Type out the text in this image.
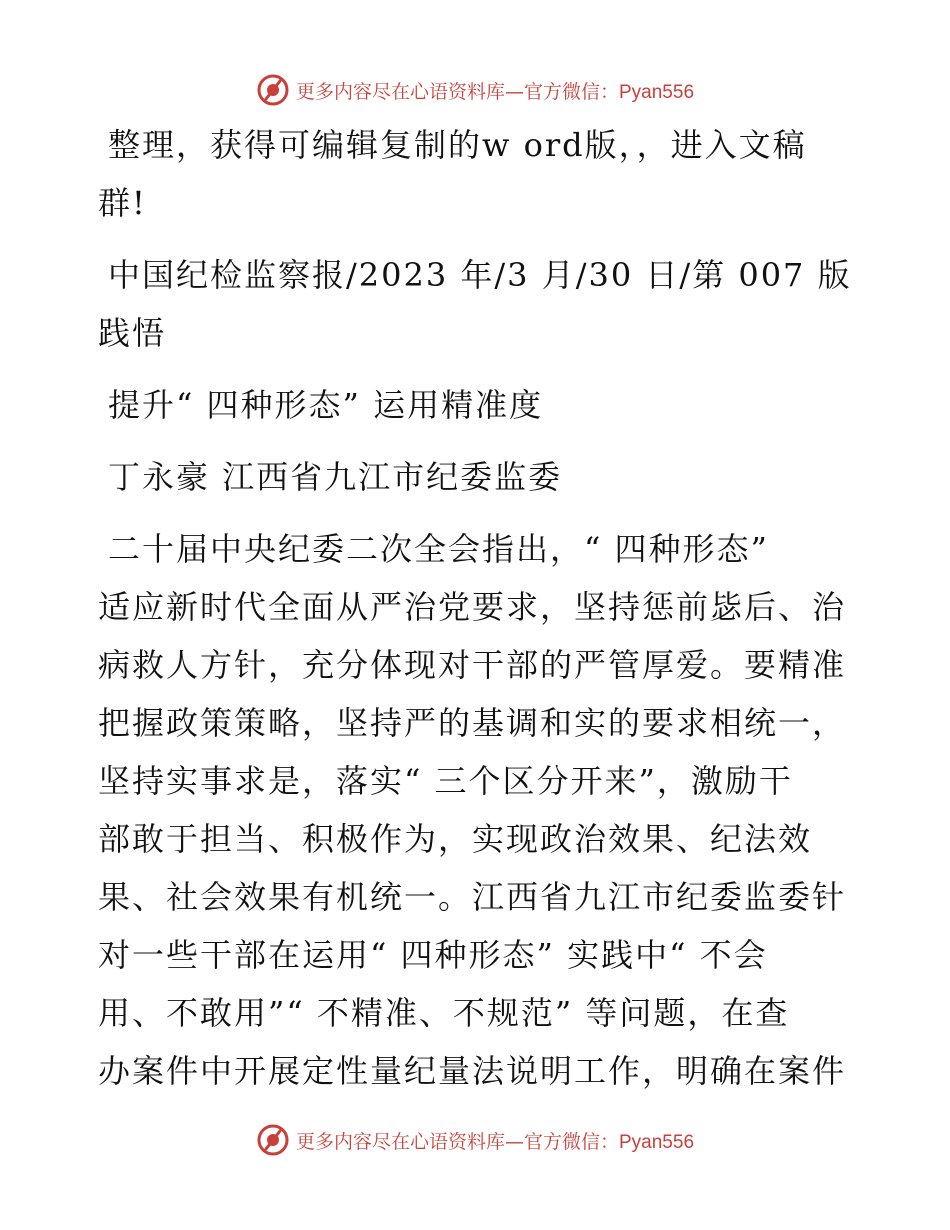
更多内容尽在心语资料库—官方微信：Pyan556
整理，获得可编辑复制的w ord版，，进入文稿
群!
中国纪检监察报/2023 年/3 月/30 日/第 007 版
践悟
提升“ 四种形态” 运用精准度
丁永豪 江西省九江市纪委监委
二十届中央纪委二次全会指出，“ 四种形态”
适应新时代全面从严治党要求，坚持惩前毖后、治
病救人方针，充分体现对干部的严管厚爱。要精准
把握政策策略，坚持严的基调和实的要求相统一，
坚持实事求是，落实“ 三个区分开来”，激励干
部敢于担当、积极作为，实现政治效果、纪法效
果、社会效果有机统一。江西省九江市纪委监委针
对一些干部在运用“ 四种形态” 实践中“ 不会
用、不敢用”“ 不精准、不规范” 等问题，在查
办案件中开展定性量纪量法说明工作，明确在案件
更多内容尽在心语资料库—官方微信：Pyan556
